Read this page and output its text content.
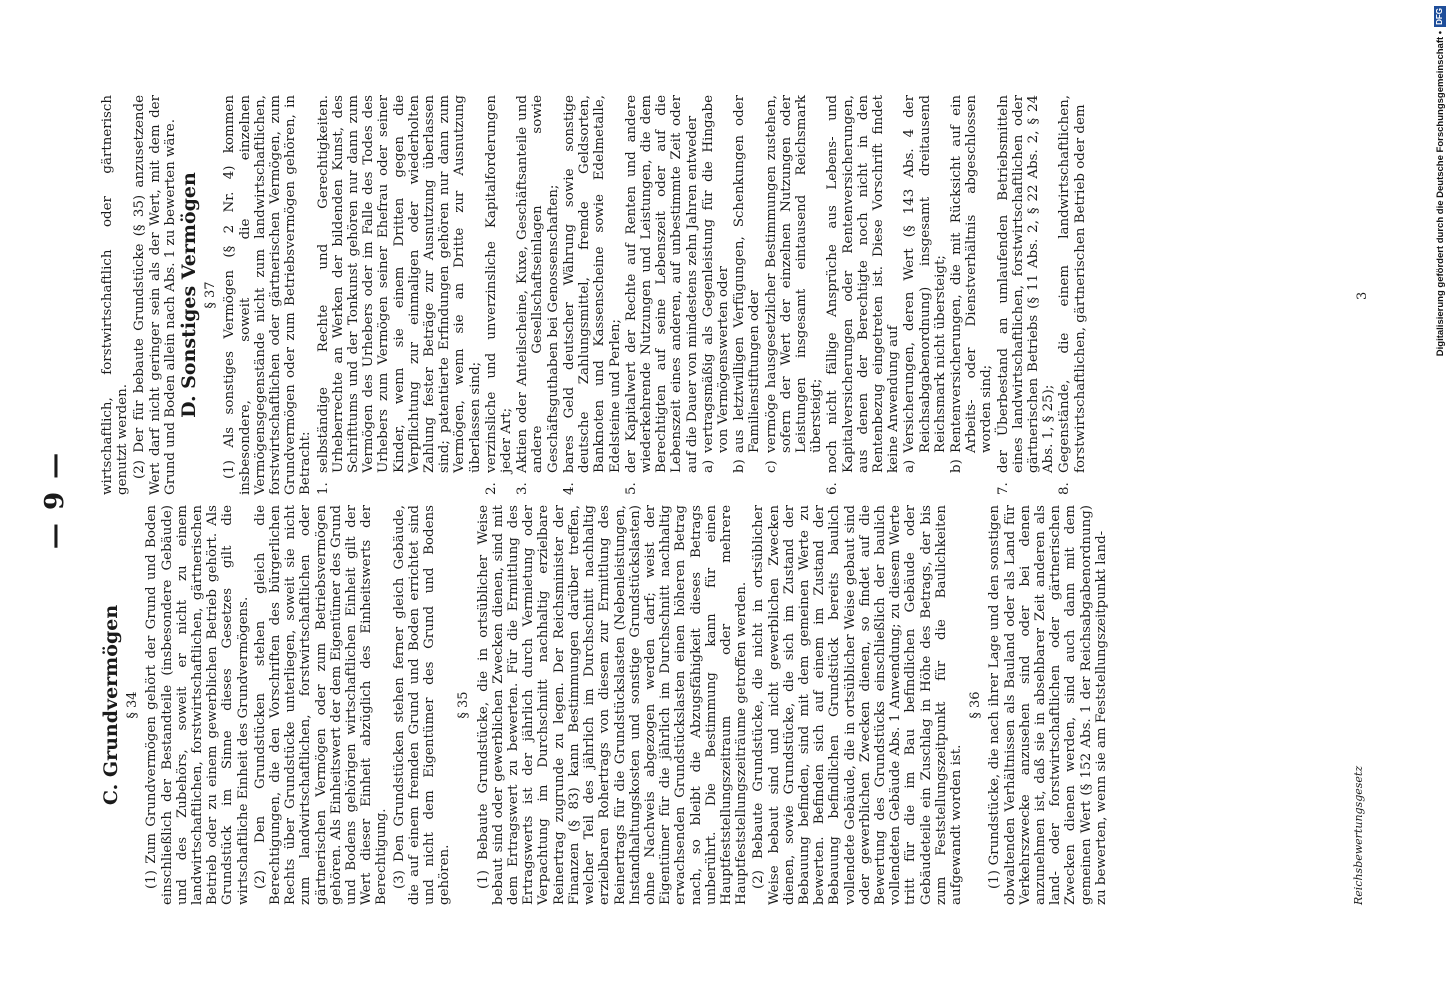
— 9 —
C. Grundvermögen § 34 (1) Zum Grundvermögen gehört der Grund und Boden einschließlich der Bestandteile (insbesondere Gebäude) und des Zubehörs, soweit er nicht zu einem landwirtschaftlichen, forstwirtschaftlichen, gärtnerischen Betrieb oder zu einem gewerblichen Betrieb gehört. Als Grundstück im Sinne dieses Gesetzes gilt die wirtschaftliche Einheit des Grundvermögens. (2) Den Grundstücken stehen gleich die Berechtigungen, die den Vorschriften des bürgerlichen Rechts über Grundstücke unterliegen, soweit sie nicht zum landwirtschaftlichen, forstwirtschaftlichen oder gärtnerischen Vermögen oder zum Betriebsvermögen gehören. Als Einheitswert der dem Eigentümer des Grund und Bodens gehörigen wirtschaftlichen Einheit gilt der Wert dieser Einheit abzüglich des Einheitswerts der Berechtigung. (3) Den Grundstücken stehen ferner gleich Gebäude, die auf einem fremden Grund und Boden errichtet sind und nicht dem Eigentümer des Grund und Bodens gehören.

§ 35 (1) Bebaute Grundstücke, die in ortsüblicher Weise bebaut sind oder gewerblichen Zwecken dienen, sind mit dem Ertragswert zu bewerten. Für die Ermittlung des Ertragswerts ist der jährlich durch Vermietung oder Verpachtung im Durchschnitt nachhaltig erzielbare Reinertrag zugrunde zu legen. Der Reichsminister der Finanzen (§ 83) kann Bestimmungen darüber treffen, welcher Teil des jährlich im Durchschnitt nachhaltig erzielbaren Rohertrags von diesem zur Ermittlung des Reinertrags für die Grundstückslasten (Nebenleistungen, Instandhaltungskosten und sonstige Grundstückslasten) ohne Nachweis abgezogen werden darf; weist der Eigentümer für die jährlich im Durchschnitt nachhaltig erwachsenden Grundstückslasten einen höheren Betrag nach, so bleibt die Abzugsfähigkeit dieses Betrags unberührt. Die Bestimmung kann für einen Hauptfeststellungszeitraum oder mehrere Hauptfeststellungszeiträume getroffen werden. (2) Bebaute Grundstücke, die nicht in ortsüblicher Weise bebaut sind und nicht gewerblichen Zwecken dienen, sowie Grundstücke, die sich im Zustand der Bebauung befinden, sind mit dem gemeinen Werte zu bewerten. Befinden sich auf einem im Zustand der Bebauung befindlichen Grundstück bereits baulich vollendete Gebäude, die in ortsüblicher Weise gebaut sind oder gewerblichen Zwecken dienen, so findet auf die Bewertung des Grundstücks einschließlich der baulich vollendeten Gebäude Abs. 1 Anwendung; zu diesem Werte tritt für die im Bau befindlichen Gebäude oder Gebäudeteile ein Zuschlag in Höhe des Betrags, der bis zum Feststellungszeitpunkt für die Baulichkeiten aufgewandt worden ist.

§ 36 (1) Grundstücke, die nach ihrer Lage und den sonstigen obwaltenden Verhältnissen als Bauland oder als Land für Verkehrszwecke anzusehen sind oder bei denen anzunehmen ist, daß sie in absehbarer Zeit anderen als land- oder forstwirtschaftlichen oder gärtnerischen Zwecken dienen werden, sind auch dann mit dem gemeinen Wert (§ 152 Abs. 1 der Reichsabgabenordnung) zu bewerten, wenn sie am Feststellungszeitpunkt land-

wirtschaftlich, forstwirtschaftlich oder gärtnerisch genutzt werden. (2) Der für bebaute Grundstücke (§ 35) anzusetzende Wert darf nicht geringer sein als der Wert, mit dem der Grund und Boden allein nach Abs. 1 zu bewerten wäre. D. Sonstiges Vermögen § 37 (1) Als sonstiges Vermögen (§ 2 Nr. 4) kommen insbesondere, soweit die einzelnen Vermögensgegenstände nicht zum landwirtschaftlichen, forstwirtschaftlichen oder gärtnerischen Vermögen, zum Grundvermögen oder zum Betriebsvermögen gehören, in Betracht: 1.
selbständige Rechte und Gerechtigkeiten. Urheberrechte an Werken der bildenden Kunst, des Schrifttums und der Tonkunst gehören nur dann zum Vermögen des Urhebers oder im Falle des Todes des Urhebers zum Vermögen seiner Ehefrau oder seiner Kinder, wenn sie einem Dritten gegen die Verpflichtung zur einmaligen oder wiederholten Zahlung fester Beträge zur Ausnutzung überlassen sind; patentierte Erfindungen gehören nur dann zum Vermögen, wenn sie an Dritte zur Ausnutzung überlassen sind;
2.
verzinsliche und unverzinsliche Kapitalforderungen jeder Art;
3.
Aktien oder Anteilscheine, Kuxe, Geschäftsanteile und andere Gesellschaftseinlagen sowie Geschäftsguthaben bei Genossenschaften;
4.
bares Geld deutscher Währung sowie sonstige deutsche Zahlungsmittel, fremde Geldsorten, Banknoten und Kassenscheine sowie Edelmetalle, Edelsteine und Perlen;
5.
der Kapitalwert der Rechte auf Renten und andere wiederkehrende Nutzungen und Leistungen, die dem Berechtigten auf seine Lebenszeit oder auf die Lebenszeit eines anderen, auf unbestimmte Zeit oder auf die Dauer von mindestens zehn Jahren entweder a)
vertragsmäßig als Gegenleistung für die Hingabe von Vermögenswerten oder
b)
aus letztwilligen Verfügungen, Schenkungen oder Familienstiftungen oder
c)
vermöge hausgesetzlicher Bestimmungen zustehen, sofern der Wert der einzelnen Nutzungen oder Leistungen insgesamt eintausend Reichsmark übersteigt;
6.
noch nicht fällige Ansprüche aus Lebens- und Kapitalversicherungen oder Rentenversicherungen, aus denen der Berechtigte noch nicht in den Rentenbezug eingetreten ist. Diese Vorschrift findet keine Anwendung auf a)
Versicherungen, deren Wert (§ 143 Abs. 4 der Reichsabgabenordnung) insgesamt dreitausend Reichsmark nicht übersteigt;
b)
Rentenversicherungen, die mit Rücksicht auf ein Arbeits- oder Dienstverhältnis abgeschlossen worden sind;
7.
der Überbestand an umlaufenden Betriebsmitteln eines landwirtschaftlichen, forstwirtschaftlichen oder gärtnerischen Betriebs (§ 11 Abs. 2, § 22 Abs. 2, § 24 Abs. 1, § 25);
8.
Gegenstände, die einem landwirtschaftlichen, forstwirtschaftlichen, gärtnerischen Betrieb oder dem
Reichsbewertungsgesetz
3	Digitalisierung gefördert durch die Deutsche Forschungsgemeinschaft •
DFG
